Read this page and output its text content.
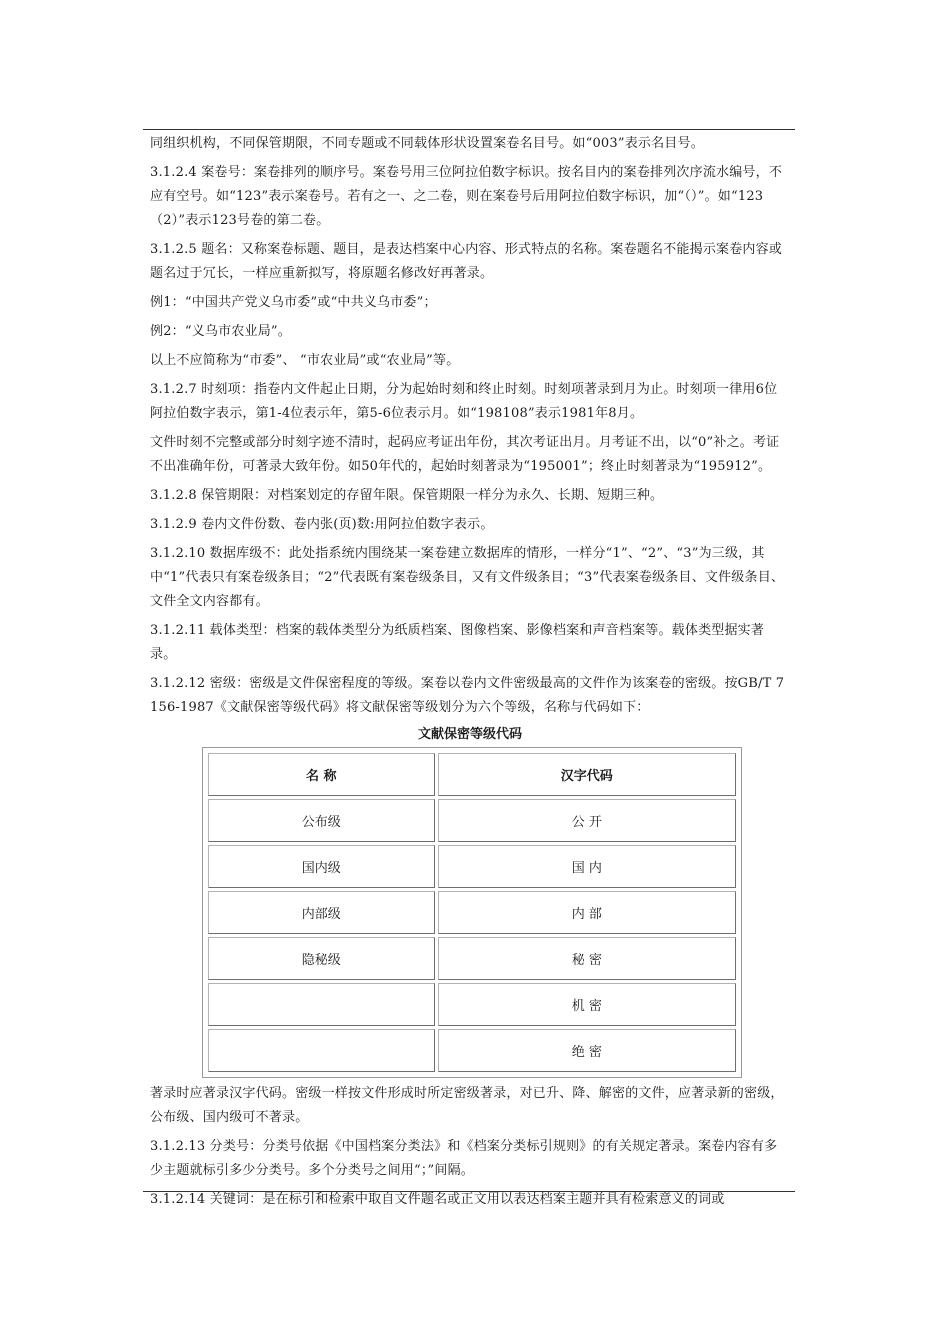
同组织机构，不同保管期限，不同专题或不同载体形状设置案卷名目号。如“003”表示名目号。

3.1.2.4 案卷号：案卷排列的顺序号。案卷号用三位阿拉伯数字标识。按名目内的案卷排列次序流水编号，不应有空号。如“123”表示案卷号。若有之一、之二卷，则在案卷号后用阿拉伯数字标识，加“（）”。如“123（2）”表示123号卷的第二卷。

3.1.2.5 题名：又称案卷标题、题目，是表达档案中心内容、形式特点的名称。案卷题名不能揭示案卷内容或题名过于冗长，一样应重新拟写，将原题名修改好再著录。

例1：“中国共产党义乌市委”或“中共义乌市委”；

例2：“义乌市农业局”。

以上不应简称为“市委”、 “市农业局”或“农业局”等。

3.1.2.7 时刻项：指卷内文件起止日期，分为起始时刻和终止时刻。时刻项著录到月为止。时刻项一律用6位阿拉伯数字表示，第1-4位表示年，第5-6位表示月。如“198108”表示1981年8月。

文件时刻不完整或部分时刻字迹不清时，起码应考证出年份，其次考证出月。月考证不出，以“0”补之。考证不出准确年份，可著录大致年份。如50年代的，起始时刻著录为“195001”；终止时刻著录为“195912”。

3.1.2.8 保管期限：对档案划定的存留年限。保管期限一样分为永久、长期、短期三种。

3.1.2.9 卷内文件份数、卷内张(页)数:用阿拉伯数字表示。

3.1.2.10 数据库级不：此处指系统内围绕某一案卷建立数据库的情形，一样分“1”、“2”、“3”为三级，其中“1”代表只有案卷级条目；“2”代表既有案卷级条目，又有文件级条目；“3”代表案卷级条目、文件级条目、文件全文内容都有。

3.1.2.11 载体类型：档案的载体类型分为纸质档案、图像档案、影像档案和声音档案等。载体类型据实著录。

3.1.2.12 密级：密级是文件保密程度的等级。案卷以卷内文件密级最高的文件作为该案卷的密级。按GB/T 7156-1987《文献保密等级代码》将文献保密等级划分为六个等级，名称与代码如下：

文献保密等级代码
名 称	汉字代码
公布级	公 开
国内级	国 内
内部级	内 部
隐秘级	秘 密
	机 密
	绝 密

著录时应著录汉字代码。密级一样按文件形成时所定密级著录，对已升、降、解密的文件，应著录新的密级，公布级、国内级可不著录。

3.1.2.13 分类号：分类号依据《中国档案分类法》和《档案分类标引规则》的有关规定著录。案卷内容有多少主题就标引多少分类号。多个分类号之间用“；”间隔。

3.1.2.14 关键词：是在标引和检索中取自文件题名或正文用以表达档案主题并具有检索意义的词或
